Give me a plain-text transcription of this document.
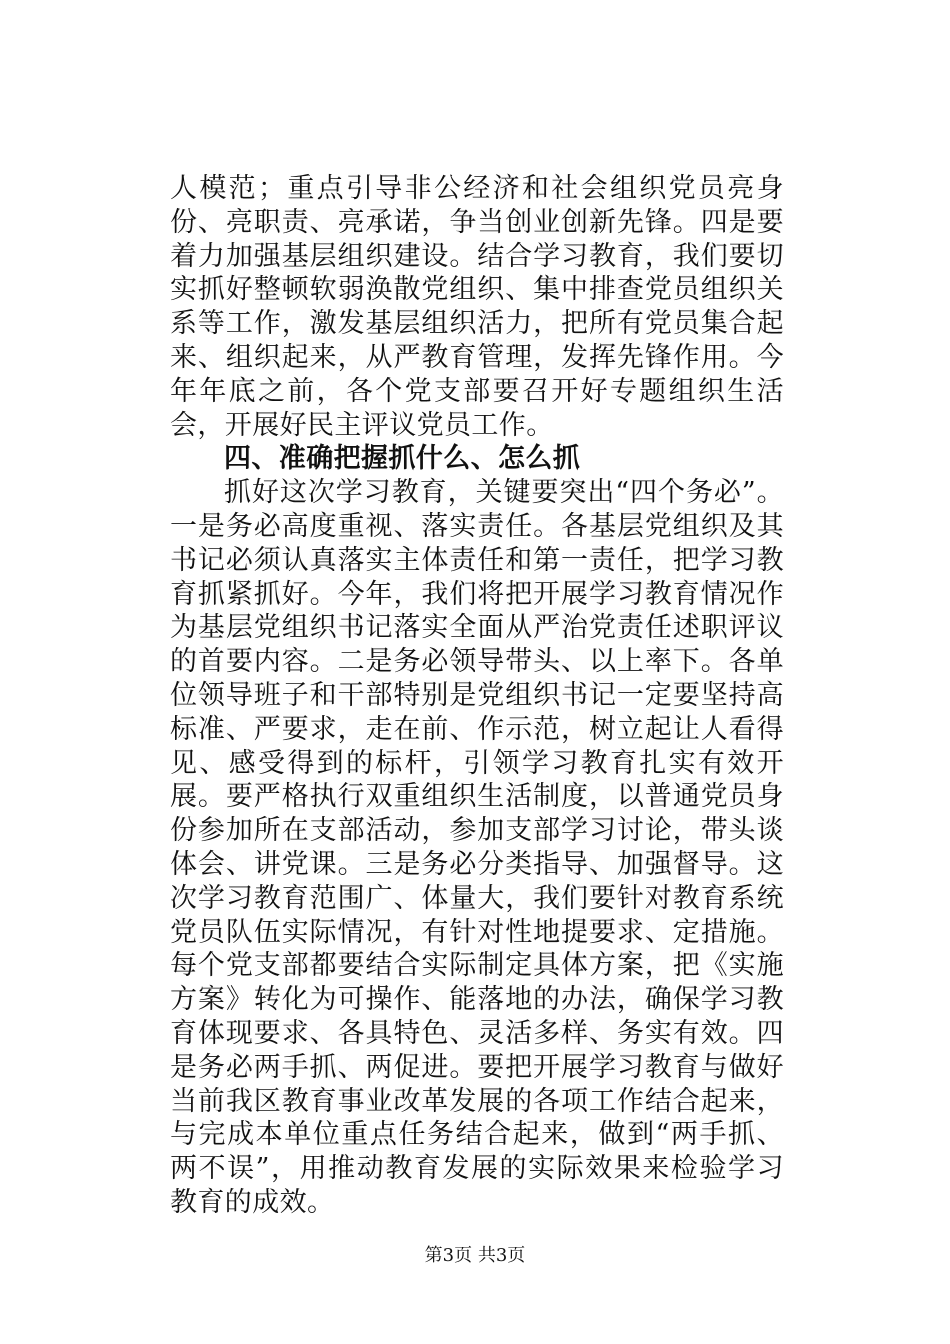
人模范；重点引导非公经济和社会组织党员亮身份、亮职责、亮承诺，争当创业创新先锋。四是要着力加强基层组织建设。结合学习教育，我们要切实抓好整顿软弱涣散党组织、集中排查党员组织关系等工作，激发基层组织活力，把所有党员集合起来、组织起来，从严教育管理，发挥先锋作用。今年年底之前，各个党支部要召开好专题组织生活会，开展好民主评议党员工作。

四、准确把握抓什么、怎么抓

抓好这次学习教育，关键要突出“四个务必”。一是务必高度重视、落实责任。各基层党组织及其书记必须认真落实主体责任和第一责任，把学习教育抓紧抓好。今年，我们将把开展学习教育情况作为基层党组织书记落实全面从严治党责任述职评议的首要内容。二是务必领导带头、以上率下。各单位领导班子和干部特别是党组织书记一定要坚持高标准、严要求，走在前、作示范，树立起让人看得见、感受得到的标杆，引领学习教育扎实有效开展。要严格执行双重组织生活制度，以普通党员身份参加所在支部活动，参加支部学习讨论，带头谈体会、讲党课。三是务必分类指导、加强督导。这次学习教育范围广、体量大，我们要针对教育系统党员队伍实际情况，有针对性地提要求、定措施。每个党支部都要结合实际制定具体方案，把《实施方案》转化为可操作、能落地的办法，确保学习教育体现要求、各具特色、灵活多样、务实有效。四是务必两手抓、两促进。要把开展学习教育与做好当前我区教育事业改革发展的各项工作结合起来，与完成本单位重点任务结合起来，做到“两手抓、两不误”，用推动教育发展的实际效果来检验学习教育的成效。

第3页 共3页
